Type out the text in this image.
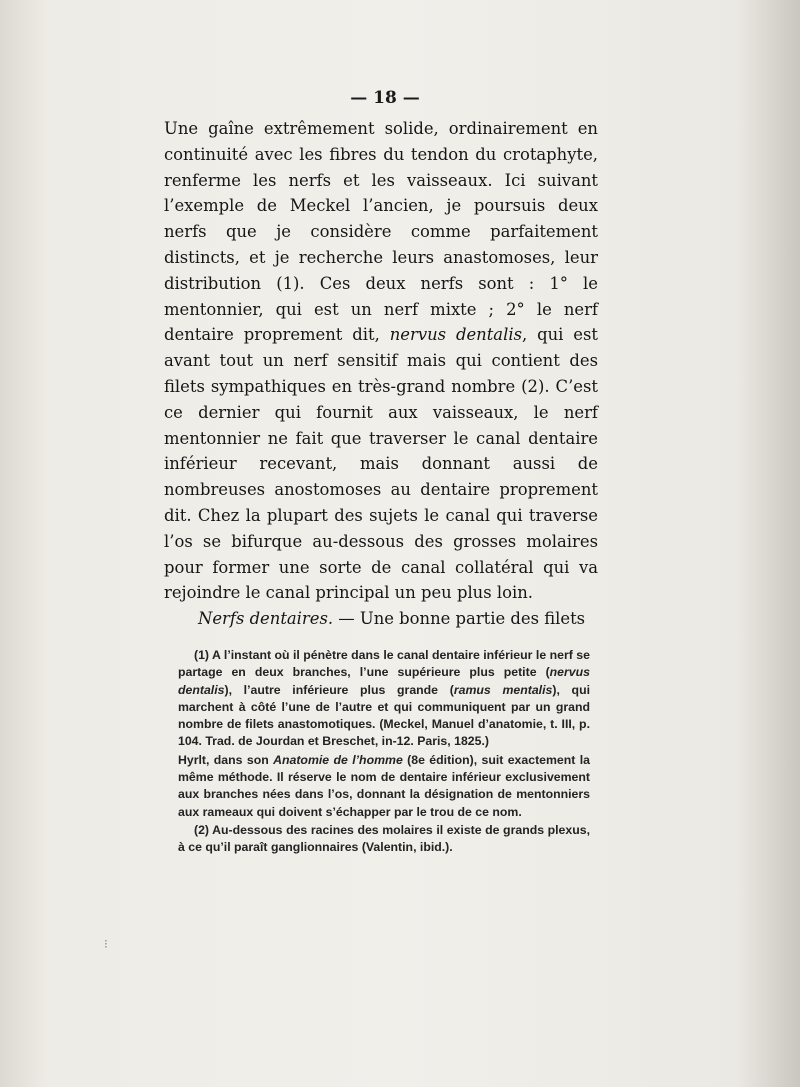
— 18 —

Une gaîne extrêmement solide, ordinairement en continuité avec les fibres du tendon du crotaphyte, renferme les nerfs et les vaisseaux. Ici suivant l’exemple de Meckel l’ancien, je poursuis deux nerfs que je considère comme parfaitement distincts, et je recherche leurs anastomoses, leur distribution (1). Ces deux nerfs sont : 1° le mentonnier, qui est un nerf mixte ; 2° le nerf dentaire proprement dit, nervus dentalis, qui est avant tout un nerf sensitif mais qui contient des filets sympathiques en très-grand nombre (2). C’est ce dernier qui fournit aux vaisseaux, le nerf mentonnier ne fait que traverser le canal dentaire inférieur recevant, mais donnant aussi de nombreuses anostomoses au dentaire proprement dit. Chez la plupart des sujets le canal qui traverse l’os se bifurque au-dessous des grosses molaires pour former une sorte de canal collatéral qui va rejoindre le canal principal un peu plus loin.

Nerfs dentaires. — Une bonne partie des filets

(1) A l’instant où il pénètre dans le canal dentaire inférieur le nerf se partage en deux branches, l’une supérieure plus petite (nervus dentalis), l’autre inférieure plus grande (ramus mentalis), qui marchent à côté l’une de l’autre et qui communiquent par un grand nombre de filets anastomotiques. (Meckel, Manuel d’anatomie, t. III, p. 104. Trad. de Jourdan et Breschet, in-12. Paris, 1825.)

Hyrlt, dans son Anatomie de l’homme (8e édition), suit exactement la même méthode. Il réserve le nom de dentaire inférieur exclusivement aux branches nées dans l’os, donnant la désignation de mentonniers aux rameaux qui doivent s’échapper par le trou de ce nom.

(2) Au-dessous des racines des molaires il existe de grands plexus, à ce qu’il paraît ganglionnaires (Valentin, ibid.).

⁝
